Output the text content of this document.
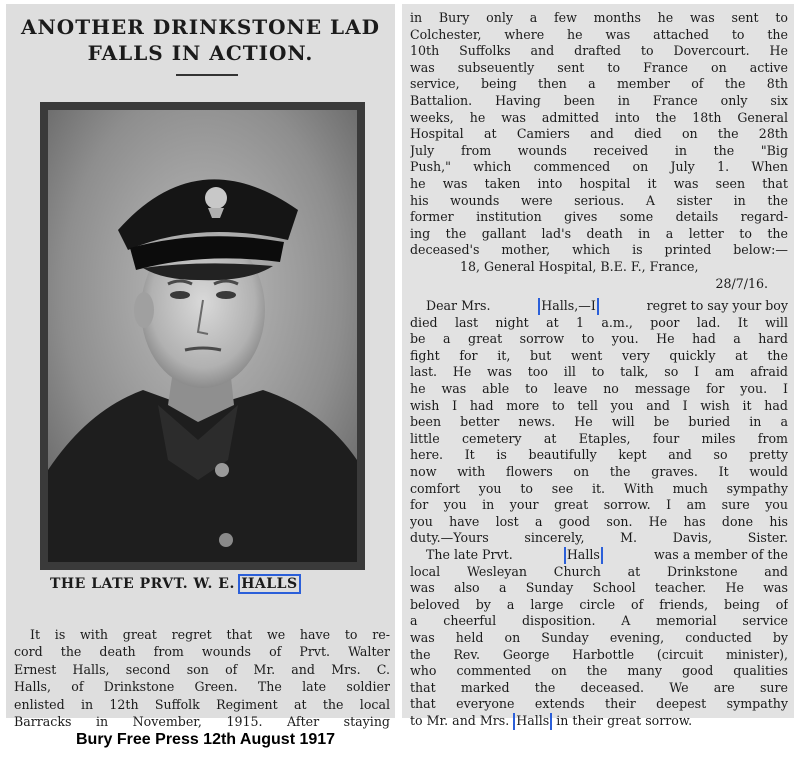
ANOTHER DRINKSTONE LAD
FALLS IN ACTION.
THE LATE PRVT. W. E. HALLS
It is with great regret that we have to re-
cord the death from wounds of Prvt. Walter
Ernest Halls, second son of Mr. and Mrs. C.
Halls, of Drinkstone Green. The late soldier
enlisted in 12th Suffolk Regiment at the local
Barracks in November, 1915. After staying
in Bury only a few months he was sent to
Colchester, where he was attached to the
10th Suffolks and drafted to Dovercourt. He
was subseuently sent to France on active
service, being then a member of the 8th
Battalion. Having been in France only six
weeks, he was admitted into the 18th General
Hospital at Camiers and died on the 28th
July from wounds received in the "Big
Push," which commenced on July 1. When
he was taken into hospital it was seen that
his wounds were serious. A sister in the
former institution gives some details regard-
ing the gallant lad's death in a letter to the
deceased's mother, which is printed below:—
18, General Hospital, B.E. F., France,
28/7/16.
Dear Mrs.	Halls,—I	regret to say your boy
died last night at 1 a.m., poor lad. It will
be a great sorrow to you. He had a hard
fight for it, but went very quickly at the
last. He was too ill to talk, so I am afraid
he was able to leave no message for you. I
wish I had more to tell you and I wish it had
been better news. He will be buried in a
little cemetery at Etaples, four miles from
here. It is beautifully kept and so pretty
now with flowers on the graves. It would
comfort you to see it. With much sympathy
for you in your great sorrow. I am sure you
you have lost a good son. He has done his
duty.—Yours sincerely, M. Davis, Sister.
The late Prvt.	Halls	was a member of the
local Wesleyan Church at Drinkstone and
was also a Sunday School teacher. He was
beloved by a large circle of friends, being of
a cheerful disposition. A memorial service
was held on Sunday evening, conducted by
the Rev. George Harbottle (circuit minister),
who commented on the many good qualities
that marked the deceased. We are sure
that everyone extends their deepest sympathy
to Mr. and Mrs. Halls in their great sorrow.
Bury Free Press 12th August 1917
